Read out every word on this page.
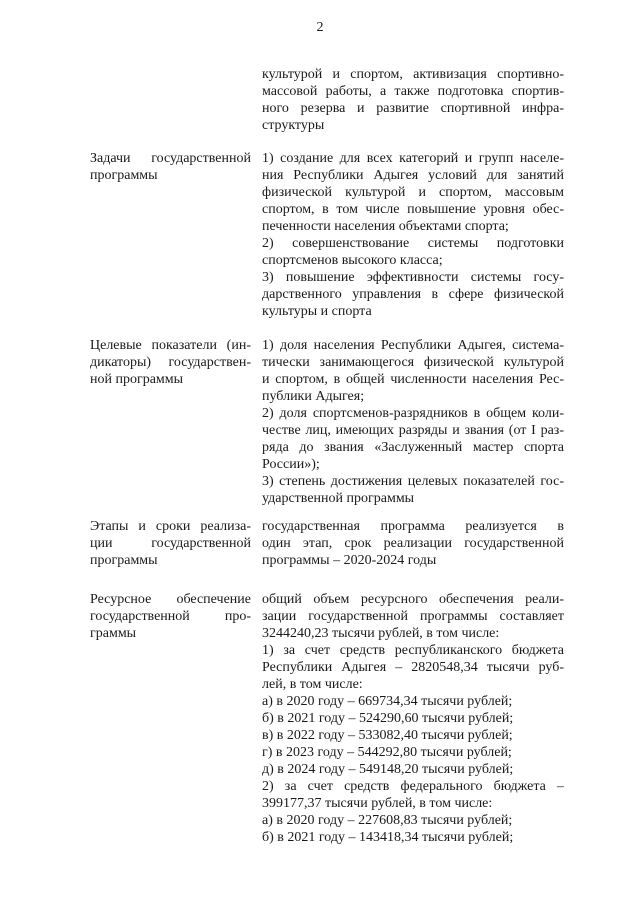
2
культурой и спортом, активизация спортивно-
массовой работы, а также подготовка спортив-
ного резерва и развитие спортивной инфра-
структуры
Задачи государственной
программы
1) создание для всех категорий и групп населе-
ния Республики Адыгея условий для занятий
физической культурой и спортом, массовым
спортом, в том числе повышение уровня обес-
печенности населения объектами спорта;
2) совершенствование системы подготовки
спортсменов высокого класса;
3) повышение эффективности системы госу-
дарственного управления в сфере физической
культуры и спорта
Целевые показатели (ин-
дикаторы) государствен-
ной программы
1) доля населения Республики Адыгея, система-
тически занимающегося физической культурой
и спортом, в общей численности населения Рес-
публики Адыгея;
2) доля спортсменов-разрядников в общем коли-
честве лиц, имеющих разряды и звания (от I раз-
ряда до звания «Заслуженный мастер спорта
России»);
3) степень достижения целевых показателей гос-
ударственной программы
Этапы и сроки реализа-
ции государственной
программы
государственная программа реализуется в
один этап, срок реализации государственной
программы – 2020-2024 годы
Ресурсное обеспечение
государственной про-
граммы
общий объем ресурсного обеспечения реали-
зации государственной программы составляет
3244240,23 тысячи рублей, в том числе:
1) за счет средств республиканского бюджета
Республики Адыгея – 2820548,34 тысячи руб-
лей, в том числе:
а) в 2020 году – 669734,34 тысячи рублей;
б) в 2021 году – 524290,60 тысячи рублей;
в) в 2022 году – 533082,40 тысячи рублей;
г) в 2023 году – 544292,80 тысячи рублей;
д) в 2024 году – 549148,20 тысячи рублей;
2) за счет средств федерального бюджета –
399177,37 тысячи рублей, в том числе:
а) в 2020 году – 227608,83 тысячи рублей;
б) в 2021 году – 143418,34 тысячи рублей;
